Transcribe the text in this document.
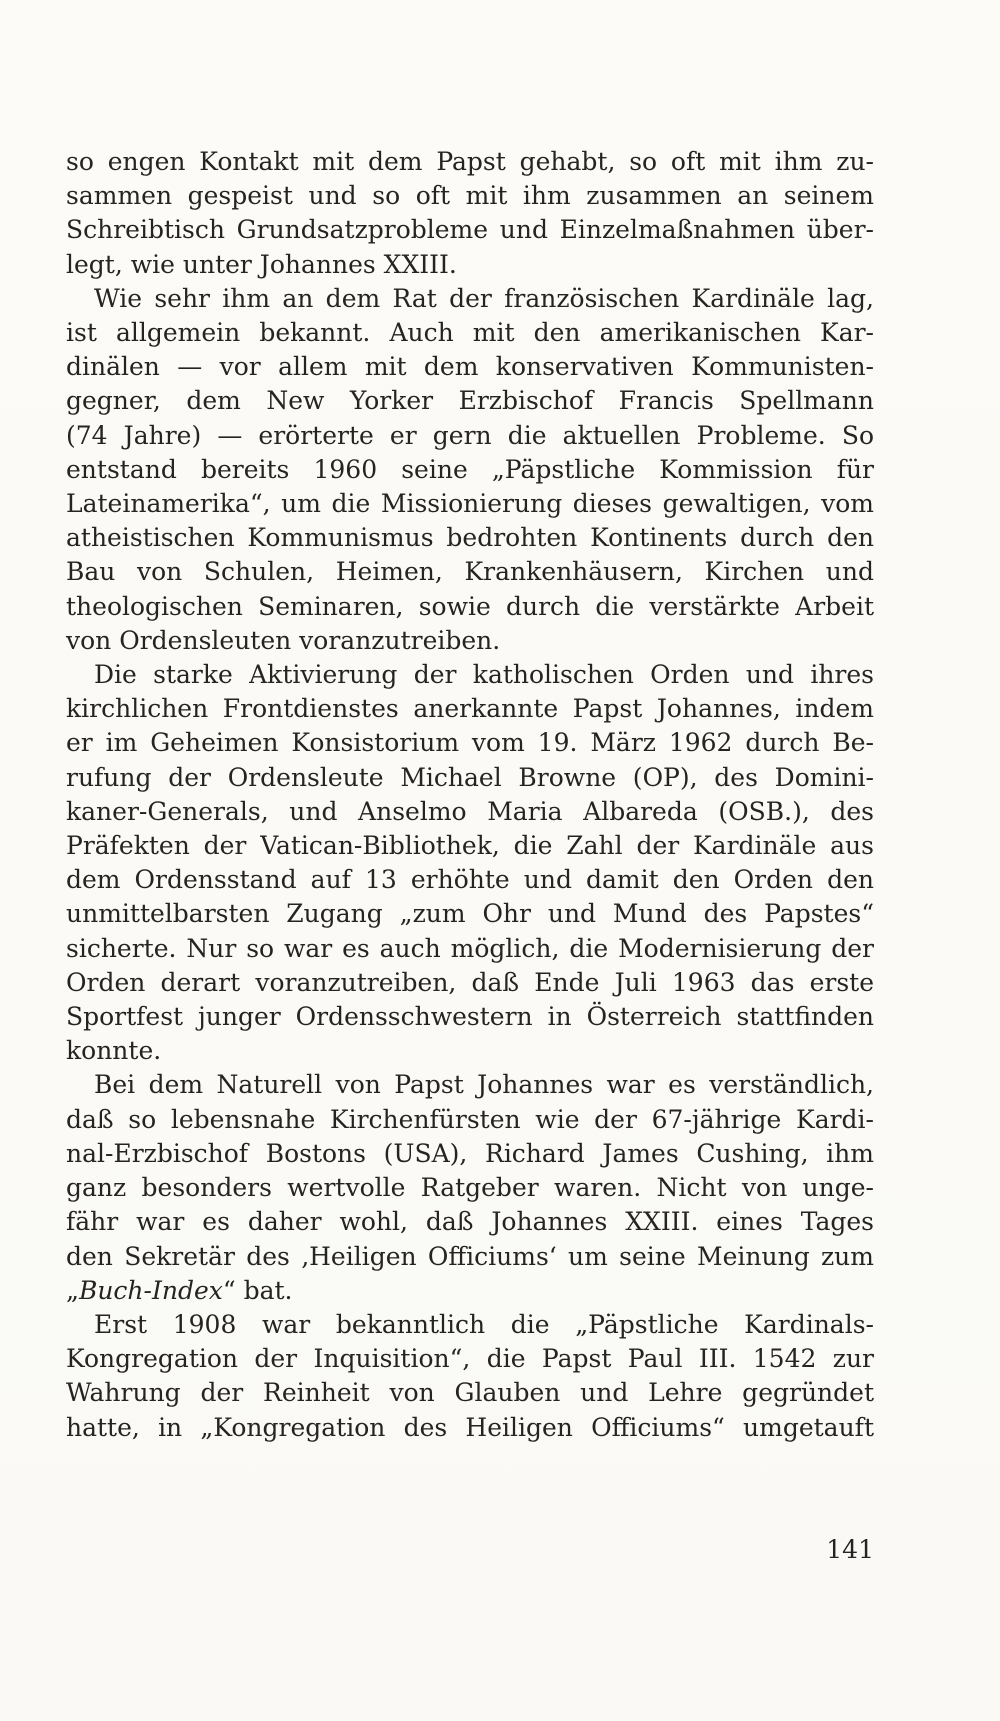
so engen Kontakt mit dem Papst gehabt, so oft mit ihm zu-
sammen gespeist und so oft mit ihm zusammen an seinem
Schreibtisch Grundsatzprobleme und Einzelmaßnahmen über-
legt, wie unter Johannes XXIII.

Wie sehr ihm an dem Rat der französischen Kardinäle lag,
ist allgemein bekannt. Auch mit den amerikanischen Kar-
dinälen — vor allem mit dem konservativen Kommunisten-
gegner, dem New Yorker Erzbischof Francis Spellmann
(74 Jahre) — erörterte er gern die aktuellen Probleme. So
entstand bereits 1960 seine „Päpstliche Kommission für
Lateinamerika“, um die Missionierung dieses gewaltigen, vom
atheistischen Kommunismus bedrohten Kontinents durch den
Bau von Schulen, Heimen, Krankenhäusern, Kirchen und
theologischen Seminaren, sowie durch die verstärkte Arbeit
von Ordensleuten voranzutreiben.

Die starke Aktivierung der katholischen Orden und ihres
kirchlichen Frontdienstes anerkannte Papst Johannes, indem
er im Geheimen Konsistorium vom 19. März 1962 durch Be-
rufung der Ordensleute Michael Browne (OP), des Domini-
kaner-Generals, und Anselmo Maria Albareda (OSB.), des
Präfekten der Vatican-Bibliothek, die Zahl der Kardinäle aus
dem Ordensstand auf 13 erhöhte und damit den Orden den
unmittelbarsten Zugang „zum Ohr und Mund des Papstes“
sicherte. Nur so war es auch möglich, die Modernisierung der
Orden derart voranzutreiben, daß Ende Juli 1963 das erste
Sportfest junger Ordensschwestern in Österreich stattfinden
konnte.

Bei dem Naturell von Papst Johannes war es verständlich,
daß so lebensnahe Kirchenfürsten wie der 67-jährige Kardi-
nal-Erzbischof Bostons (USA), Richard James Cushing, ihm
ganz besonders wertvolle Ratgeber waren. Nicht von unge-
fähr war es daher wohl, daß Johannes XXIII. eines Tages
den Sekretär des ‚Heiligen Officiums‘ um seine Meinung zum
„Buch-Index“ bat.

Erst 1908 war bekanntlich die „Päpstliche Kardinals-
Kongregation der Inquisition“, die Papst Paul III. 1542 zur
Wahrung der Reinheit von Glauben und Lehre gegründet
hatte, in „Kongregation des Heiligen Officiums“ umgetauft

141
